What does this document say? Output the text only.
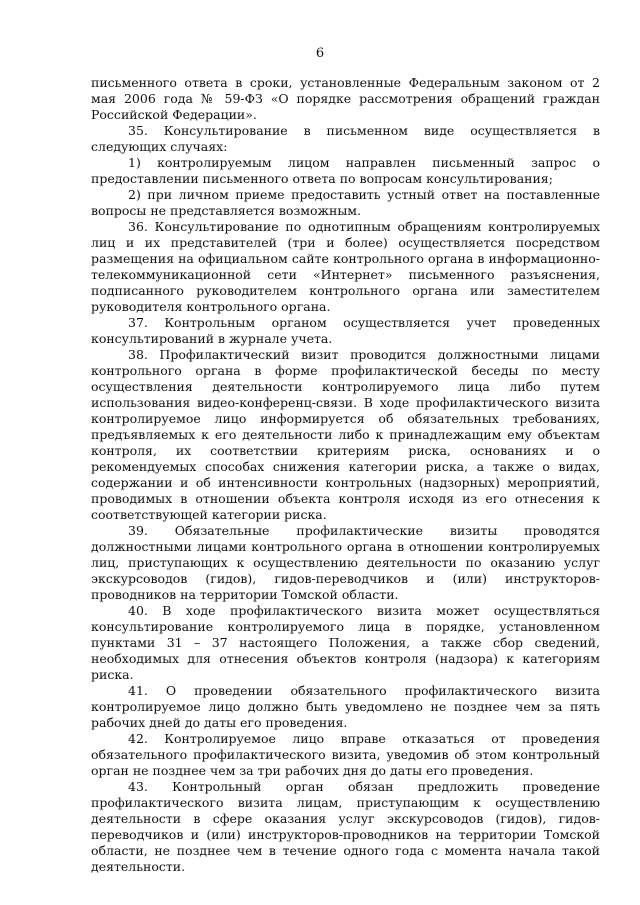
6

письменного ответа в сроки, установленные Федеральным законом от 2 мая 2006 года № 59-ФЗ «О порядке рассмотрения обращений граждан Российской Федерации».

35. Консультирование в письменном виде осуществляется в следующих случаях:

1) контролируемым лицом направлен письменный запрос о предоставлении письменного ответа по вопросам консультирования;

2) при личном приеме предоставить устный ответ на поставленные вопросы не представляется возможным.

36. Консультирование по однотипным обращениям контролируемых лиц и их представителей (три и более) осуществляется посредством размещения на официальном сайте контрольного органа в информационно-телекоммуникационной сети «Интернет» письменного разъяснения, подписанного руководителем контрольного органа или заместителем руководителя контрольного органа.

37. Контрольным органом осуществляется учет проведенных консультирований в журнале учета.

38. Профилактический визит проводится должностными лицами контрольного органа в форме профилактической беседы по месту осуществления деятельности контролируемого лица либо путем использования видео-конференц-связи. В ходе профилактического визита контролируемое лицо информируется об обязательных требованиях, предъявляемых к его деятельности либо к принадлежащим ему объектам контроля, их соответствии критериям риска, основаниях и о рекомендуемых способах снижения категории риска, а также о видах, содержании и об интенсивности контрольных (надзорных) мероприятий, проводимых в отношении объекта контроля исходя из его отнесения к соответствующей категории риска.

39. Обязательные профилактические визиты проводятся должностными лицами контрольного органа в отношении контролируемых лиц, приступающих к осуществлению деятельности по оказанию услуг экскурсоводов (гидов), гидов-переводчиков и (или) инструкторов-проводников на территории Томской области.

40. В ходе профилактического визита может осуществляться консультирование контролируемого лица в порядке, установленном пунктами 31 – 37 настоящего Положения, а также сбор сведений, необходимых для отнесения объектов контроля (надзора) к категориям риска.

41. О проведении обязательного профилактического визита контролируемое лицо должно быть уведомлено не позднее чем за пять рабочих дней до даты его проведения.

42. Контролируемое лицо вправе отказаться от проведения обязательного профилактического визита, уведомив об этом контрольный орган не позднее чем за три рабочих дня до даты его проведения.

43. Контрольный орган обязан предложить проведение профилактического визита лицам, приступающим к осуществлению деятельности в сфере оказания услуг экскурсоводов (гидов), гидов-переводчиков и (или) инструкторов-проводников на территории Томской области, не позднее чем в течение одного года с момента начала такой деятельности.
